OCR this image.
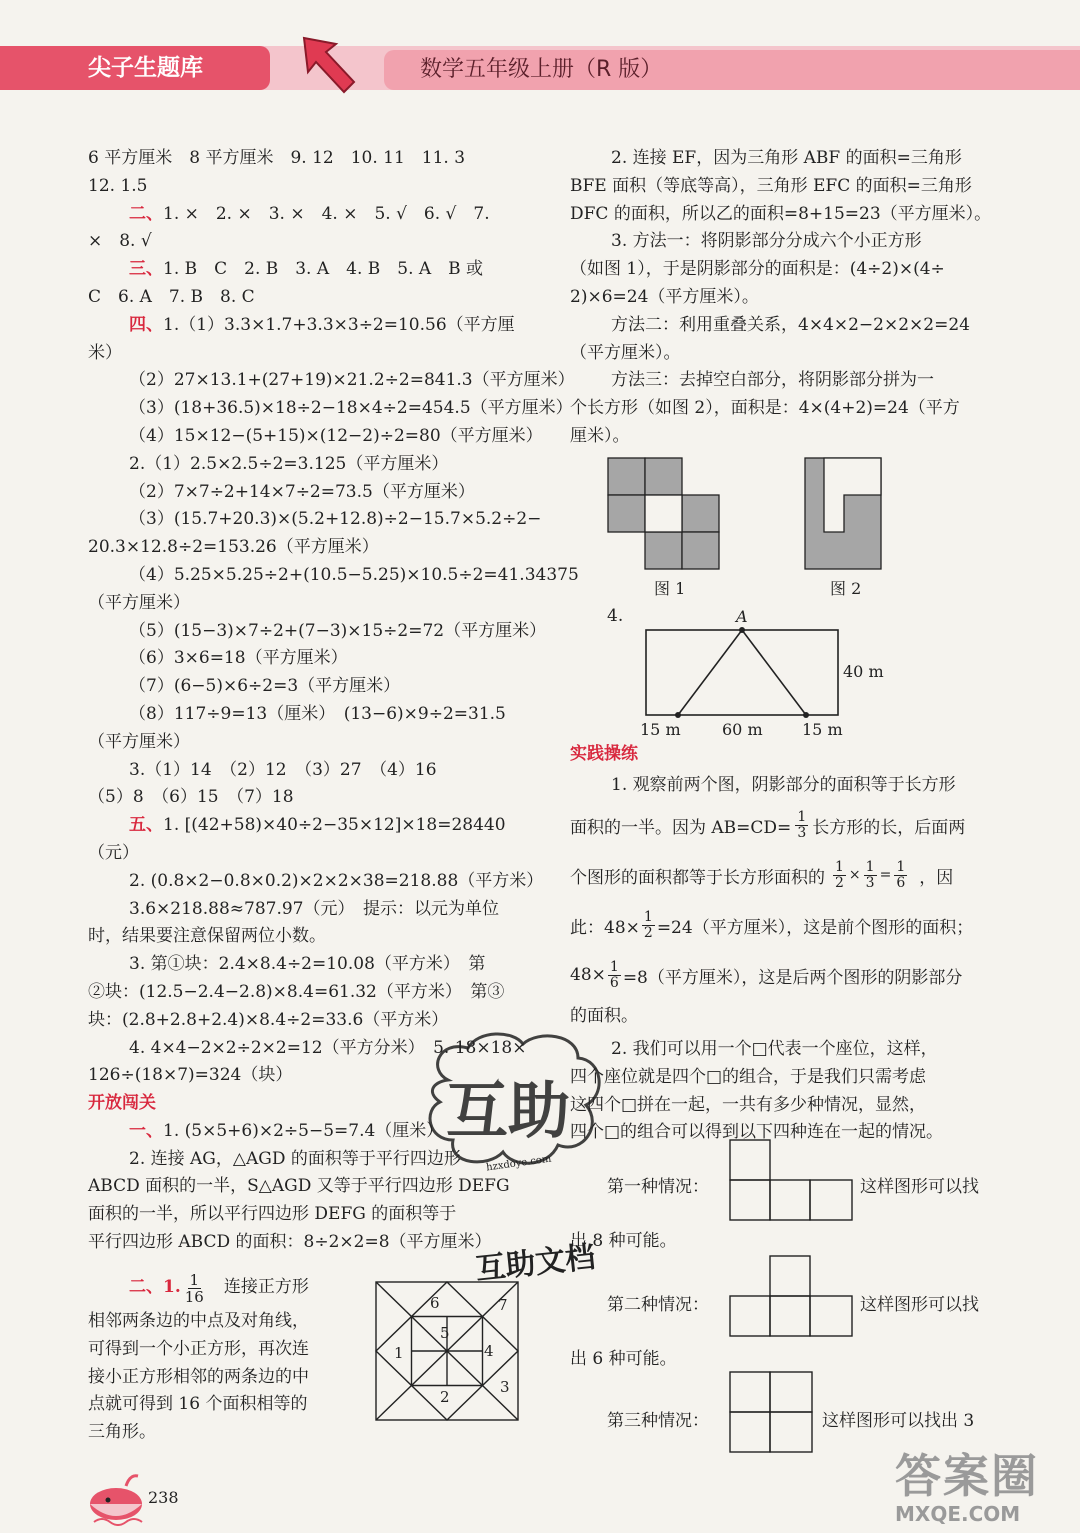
尖子生题库	数学五年级上册（R 版）
6 平方厘米　8 平方厘米　9. 12　10. 11　11. 3
12. 1.5
二、1. ×　2. ×　3. ×　4. ×　5. √　6. √　7.
×　8. √
三、1. B　C　2. B　3. A　4. B　5. A　B 或
C　6. A　7. B　8. C
四、1.（1）3.3×1.7+3.3×3÷2=10.56（平方厘
米）
（2）27×13.1+(27+19)×21.2÷2=841.3（平方厘米）
（3）(18+36.5)×18÷2−18×4÷2=454.5（平方厘米）
（4）15×12−(5+15)×(12−2)÷2=80（平方厘米）
2.（1）2.5×2.5÷2=3.125（平方厘米）
（2）7×7÷2+14×7÷2=73.5（平方厘米）
（3）(15.7+20.3)×(5.2+12.8)÷2−15.7×5.2÷2−
20.3×12.8÷2=153.26（平方厘米）
（4）5.25×5.25÷2+(10.5−5.25)×10.5÷2=41.34375
（平方厘米）
（5）(15−3)×7÷2+(7−3)×15÷2=72（平方厘米）
（6）3×6=18（平方厘米）
（7）(6−5)×6÷2=3（平方厘米）
（8）117÷9=13（厘米）　(13−6)×9÷2=31.5
（平方厘米）
3.（1）14　（2）12　（3）27　（4）16
（5）8　（6）15　（7）18
五、1. [(42+58)×40÷2−35×12]×18=28440
（元）
2. (0.8×2−0.8×0.2)×2×2×38=218.88（平方米）
3.6×218.88≈787.97（元）　提示：以元为单位
时，结果要注意保留两位小数。
3. 第①块：2.4×8.4÷2=10.08（平方米）　第
②块：(12.5−2.4−2.8)×8.4=61.32（平方米）　第③
块：(2.8+2.8+2.4)×8.4÷2=33.6（平方米）
4. 4×4−2×2÷2×2=12（平方分米）　5. 18×18×
126÷(18×7)=324（块）
开放闯关
一、1. (5×5+6)×2÷5−5=7.4（厘米）
2. 连接 AG，△AGD 的面积等于平行四边形
ABCD 面积的一半，S△AGD 又等于平行四边形 DEFG
面积的一半，所以平行四边形 DEFG 的面积等于
平行四边形 ABCD 的面积：8÷2×2=8（平方厘米）
二、1. $\frac{1}{16}$ 连接正方形
相邻两条边的中点及对角线，
可得到一个小正方形，再次连
接小正方形相邻的两条边的中
点就可得到 16 个面积相等的
三角形。
6	7
5
1	4
2
3
2. 连接 EF，因为三角形 ABF 的面积=三角形
BFE 面积（等底等高），三角形 EFC 的面积=三角形
DFC 的面积，所以乙的面积=8+15=23（平方厘米）。
3. 方法一：将阴影部分分成六个小正方形
（如图 1），于是阴影部分的面积是：(4÷2)×(4÷
2)×6=24（平方厘米）。
方法二：利用重叠关系，4×4×2−2×2×2=24
（平方厘米）。
方法三：去掉空白部分，将阴影部分拼为一
个长方形（如图 2），面积是：4×(4+2)=24（平方
厘米）。
图 1	图 2
4.	A
40 m
15 m	60 m 15 m
实践操练
1. 观察前两个图，阴影部分的面积等于长方形
面积的一半。因为 $AB=CD= \frac{1}{3}$ 长方形的长，后面两
个图形的面积都等于长方形面积的 $\frac{1}{2} \times \frac{1}{3} = \frac{1}{6}$ ，因
此：$48\times \frac{1}{2} =24$（平方厘米），这是前个图形的面积；
$48\times \frac{1}{6} =8$（平方厘米），这是后两个图形的阴影部分
的面积。
2. 我们可以用一个□代表一个座位，这样，
四个座位就是四个□的组合，于是我们只需考虑
这四个□拼在一起，一共有多少种情况，显然，
四个□的组合可以得到以下四种连在一起的情况。
第一种情况：	这样图形可以找
出 8 种可能。
第二种情况：	这样图形可以找
出 6 种可能。
第三种情况：	这样图形可以找出 3
互助
hzxdoye.com
互助文档
238	答案圈
MXQE.COM
